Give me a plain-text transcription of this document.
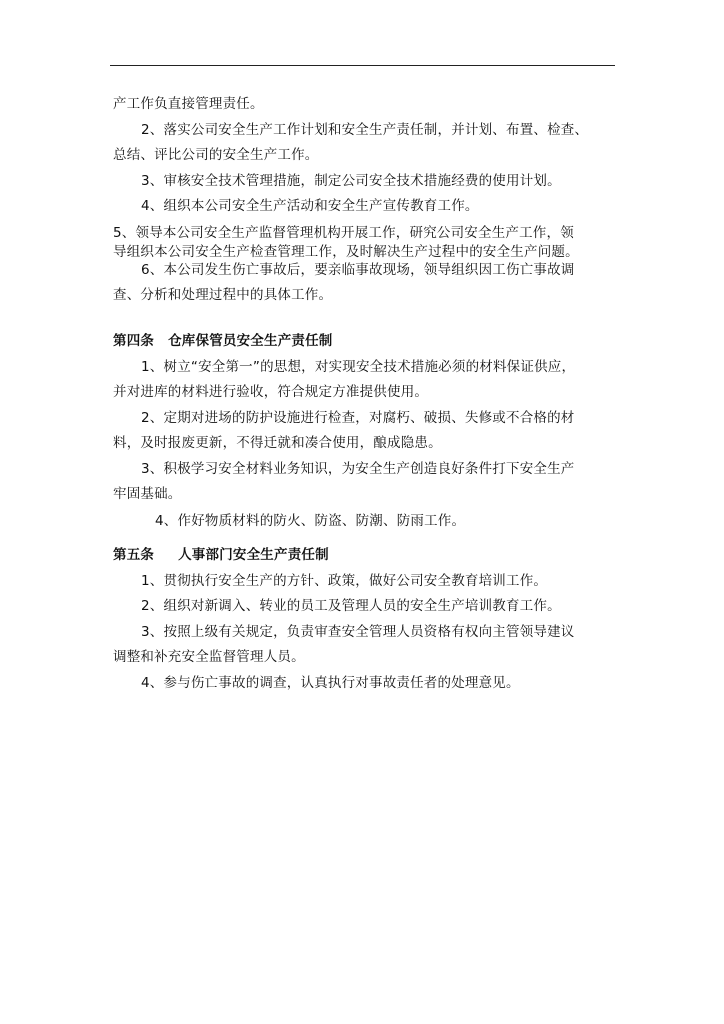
产工作负直接管理责任。
2、落实公司安全生产工作计划和安全生产责任制，并计划、布置、检查、
总结、评比公司的安全生产工作。
3、审核安全技术管理措施，制定公司安全技术措施经费的使用计划。
4、组织本公司安全生产活动和安全生产宣传教育工作。
5、领导本公司安全生产监督管理机构开展工作，研究公司安全生产工作，领
导组织本公司安全生产检查管理工作，及时解决生产过程中的安全生产问题。
6、本公司发生伤亡事故后，要亲临事故现场，领导组织因工伤亡事故调
查、分析和处理过程中的具体工作。
第四条 仓库保管员安全生产责任制
1、树立“安全第一”的思想，对实现安全技术措施必须的材料保证供应，
并对进库的材料进行验收，符合规定方准提供使用。
2、定期对进场的防护设施进行检查，对腐朽、破损、失修或不合格的材
料，及时报废更新，不得迁就和凑合使用，酿成隐患。
3、积极学习安全材料业务知识，为安全生产创造良好条件打下安全生产
牢固基础。
4、作好物质材料的防火、防盗、防潮、防雨工作。
第五条 人事部门安全生产责任制
1、贯彻执行安全生产的方针、政策，做好公司安全教育培训工作。
2、组织对新调入、转业的员工及管理人员的安全生产培训教育工作。
3、按照上级有关规定，负责审查安全管理人员资格有权向主管领导建议
调整和补充安全监督管理人员。
4、参与伤亡事故的调查，认真执行对事故责任者的处理意见。
